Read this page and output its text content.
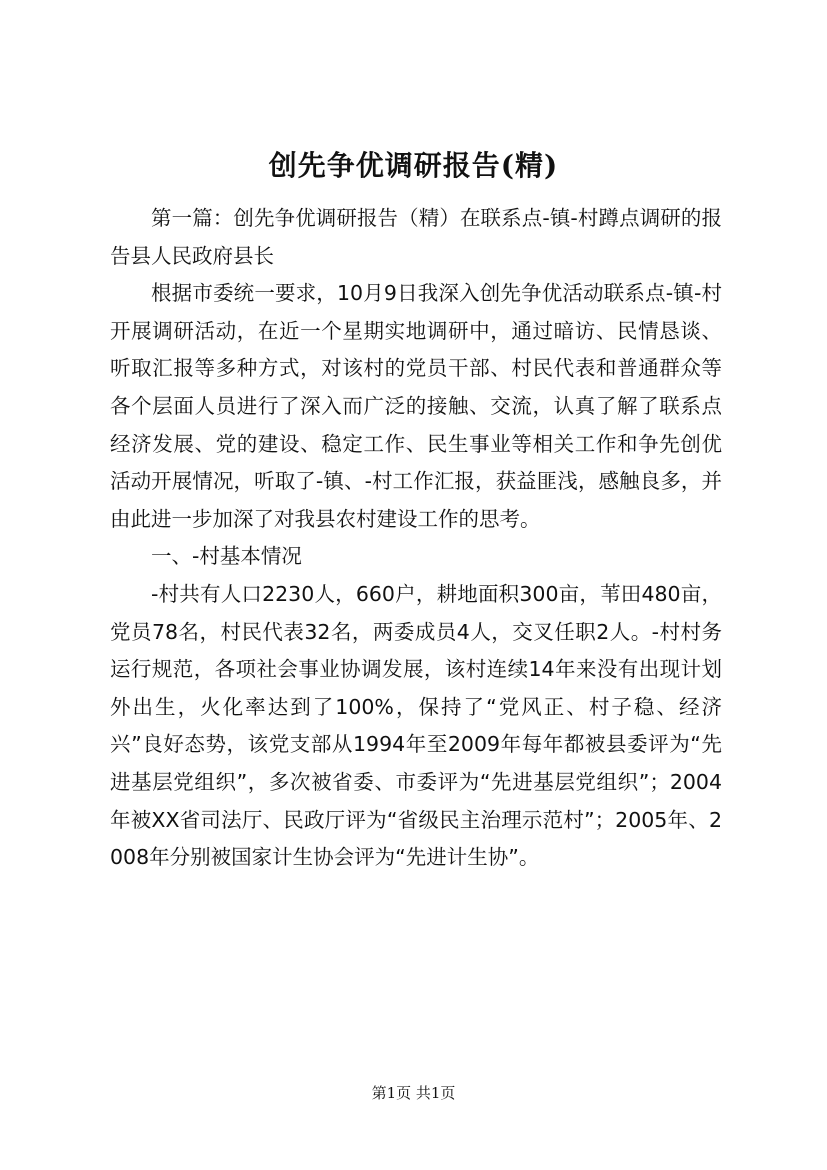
创先争优调研报告(精)

第一篇：创先争优调研报告（精）在联系点-镇-村蹲点调研的报告县人民政府县长

根据市委统一要求，10月9日我深入创先争优活动联系点-镇-村开展调研活动，在近一个星期实地调研中，通过暗访、民情恳谈、听取汇报等多种方式，对该村的党员干部、村民代表和普通群众等各个层面人员进行了深入而广泛的接触、交流，认真了解了联系点经济发展、党的建设、稳定工作、民生事业等相关工作和争先创优活动开展情况，听取了-镇、-村工作汇报，获益匪浅，感触良多，并由此进一步加深了对我县农村建设工作的思考。

一、-村基本情况

-村共有人口2230人，660户，耕地面积300亩，苇田480亩，党员78名，村民代表32名，两委成员4人，交叉任职2人。-村村务运行规范，各项社会事业协调发展，该村连续14年来没有出现计划外出生，火化率达到了100%，保持了“党风正、村子稳、经济兴”良好态势，该党支部从1994年至2009年每年都被县委评为“先进基层党组织”，多次被省委、市委评为“先进基层党组织”；2004年被XX省司法厅、民政厅评为“省级民主治理示范村”；2005年、2008年分别被国家计生协会评为“先进计生协”。

第1页 共1页
